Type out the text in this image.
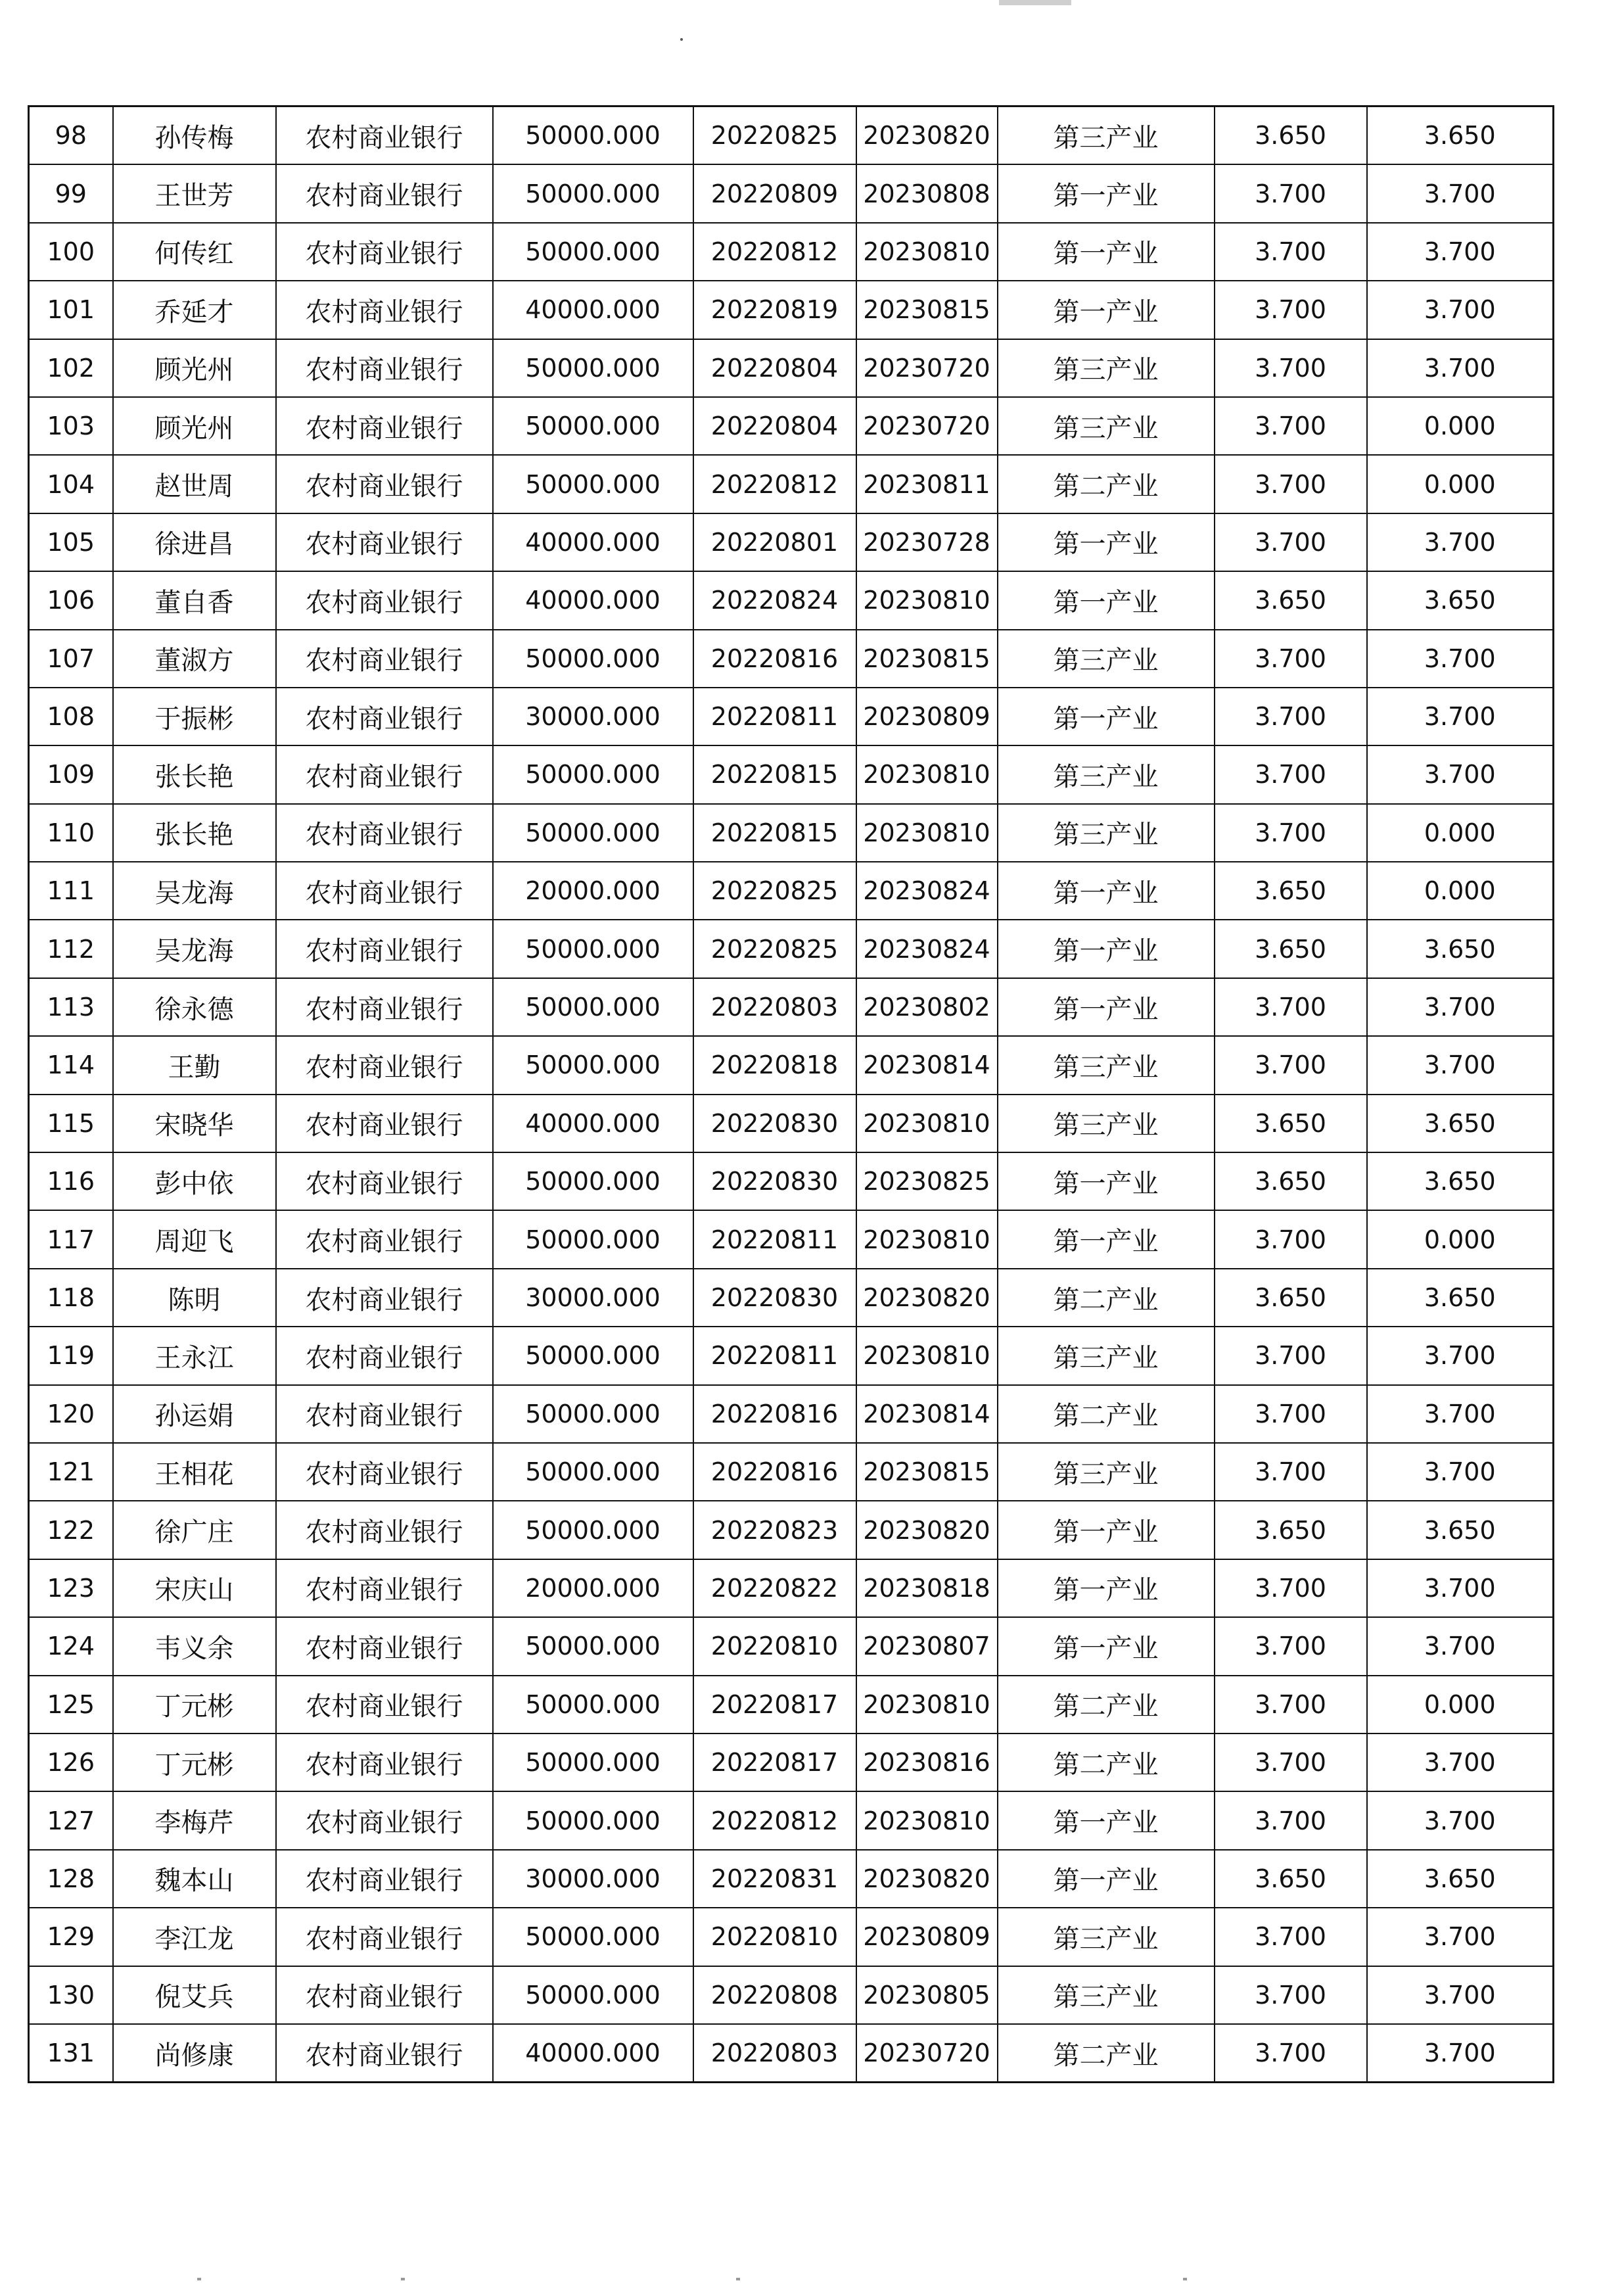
98	孙传梅	农村商业银行	50000.000	20220825	20230820	第三产业	3.650	3.650
99	王世芳	农村商业银行	50000.000	20220809	20230808	第一产业	3.700	3.700
100	何传红	农村商业银行	50000.000	20220812	20230810	第一产业	3.700	3.700
101	乔延才	农村商业银行	40000.000	20220819	20230815	第一产业	3.700	3.700
102	顾光州	农村商业银行	50000.000	20220804	20230720	第三产业	3.700	3.700
103	顾光州	农村商业银行	50000.000	20220804	20230720	第三产业	3.700	0.000
104	赵世周	农村商业银行	50000.000	20220812	20230811	第二产业	3.700	0.000
105	徐进昌	农村商业银行	40000.000	20220801	20230728	第一产业	3.700	3.700
106	董自香	农村商业银行	40000.000	20220824	20230810	第一产业	3.650	3.650
107	董淑方	农村商业银行	50000.000	20220816	20230815	第三产业	3.700	3.700
108	于振彬	农村商业银行	30000.000	20220811	20230809	第一产业	3.700	3.700
109	张长艳	农村商业银行	50000.000	20220815	20230810	第三产业	3.700	3.700
110	张长艳	农村商业银行	50000.000	20220815	20230810	第三产业	3.700	0.000
111	吴龙海	农村商业银行	20000.000	20220825	20230824	第一产业	3.650	0.000
112	吴龙海	农村商业银行	50000.000	20220825	20230824	第一产业	3.650	3.650
113	徐永德	农村商业银行	50000.000	20220803	20230802	第一产业	3.700	3.700
114	王勤	农村商业银行	50000.000	20220818	20230814	第三产业	3.700	3.700
115	宋晓华	农村商业银行	40000.000	20220830	20230810	第三产业	3.650	3.650
116	彭中依	农村商业银行	50000.000	20220830	20230825	第一产业	3.650	3.650
117	周迎飞	农村商业银行	50000.000	20220811	20230810	第一产业	3.700	0.000
118	陈明	农村商业银行	30000.000	20220830	20230820	第二产业	3.650	3.650
119	王永江	农村商业银行	50000.000	20220811	20230810	第三产业	3.700	3.700
120	孙运娟	农村商业银行	50000.000	20220816	20230814	第二产业	3.700	3.700
121	王相花	农村商业银行	50000.000	20220816	20230815	第三产业	3.700	3.700
122	徐广庄	农村商业银行	50000.000	20220823	20230820	第一产业	3.650	3.650
123	宋庆山	农村商业银行	20000.000	20220822	20230818	第一产业	3.700	3.700
124	韦义余	农村商业银行	50000.000	20220810	20230807	第一产业	3.700	3.700
125	丁元彬	农村商业银行	50000.000	20220817	20230810	第二产业	3.700	0.000
126	丁元彬	农村商业银行	50000.000	20220817	20230816	第二产业	3.700	3.700
127	李梅芹	农村商业银行	50000.000	20220812	20230810	第一产业	3.700	3.700
128	魏本山	农村商业银行	30000.000	20220831	20230820	第一产业	3.650	3.650
129	李江龙	农村商业银行	50000.000	20220810	20230809	第三产业	3.700	3.700
130	倪艾兵	农村商业银行	50000.000	20220808	20230805	第三产业	3.700	3.700
131	尚修康	农村商业银行	40000.000	20220803	20230720	第二产业	3.700	3.700
